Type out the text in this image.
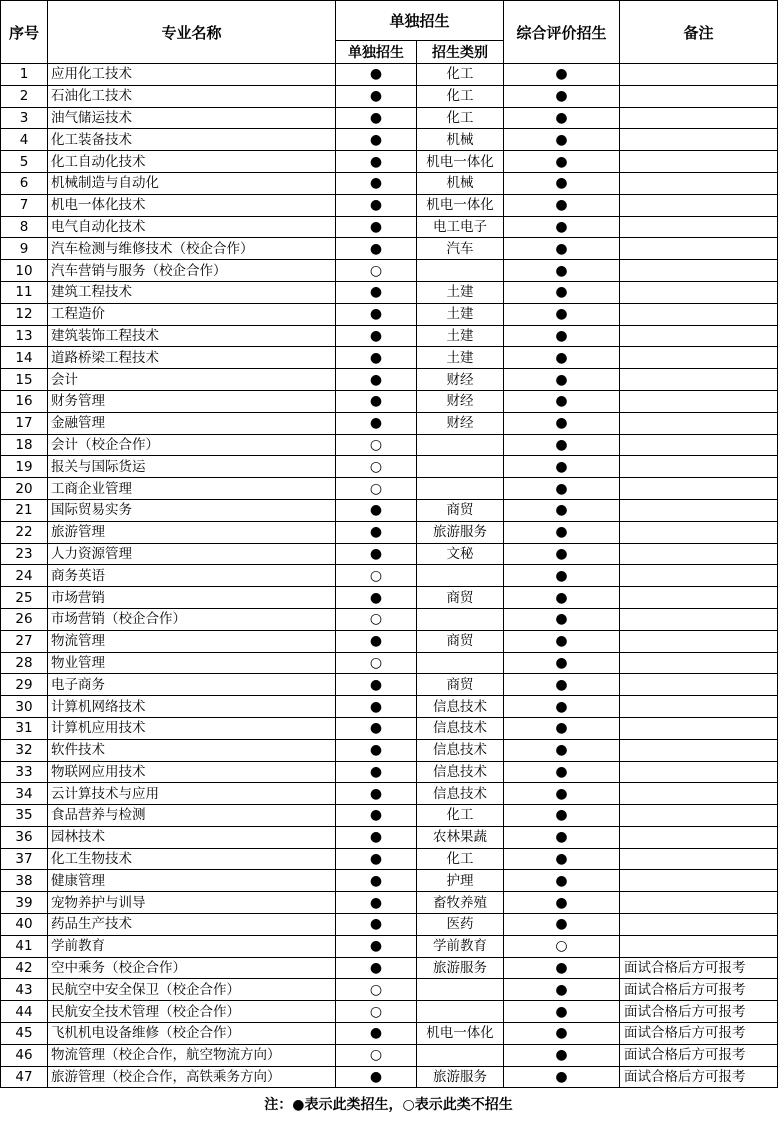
序号	专业名称	单独招生		综合评价招生	备注
		单独招生	招生类别		
1	应用化工技术	●	化工	●	
2	石油化工技术	●	化工	●	
3	油气储运技术	●	化工	●	
4	化工装备技术	●	机械	●	
5	化工自动化技术	●	机电一体化	●	
6	机械制造与自动化	●	机械	●	
7	机电一体化技术	●	机电一体化	●	
8	电气自动化技术	●	电工电子	●	
9	汽车检测与维修技术（校企合作）	●	汽车	●	
10	汽车营销与服务（校企合作）	○		●	
11	建筑工程技术	●	土建	●	
12	工程造价	●	土建	●	
13	建筑装饰工程技术	●	土建	●	
14	道路桥梁工程技术	●	土建	●	
15	会计	●	财经	●	
16	财务管理	●	财经	●	
17	金融管理	●	财经	●	
18	会计（校企合作）	○		●	
19	报关与国际货运	○		●	
20	工商企业管理	○		●	
21	国际贸易实务	●	商贸	●	
22	旅游管理	●	旅游服务	●	
23	人力资源管理	●	文秘	●	
24	商务英语	○		●	
25	市场营销	●	商贸	●	
26	市场营销（校企合作）	○		●	
27	物流管理	●	商贸	●	
28	物业管理	○		●	
29	电子商务	●	商贸	●	
30	计算机网络技术	●	信息技术	●	
31	计算机应用技术	●	信息技术	●	
32	软件技术	●	信息技术	●	
33	物联网应用技术	●	信息技术	●	
34	云计算技术与应用	●	信息技术	●	
35	食品营养与检测	●	化工	●	
36	园林技术	●	农林果蔬	●	
37	化工生物技术	●	化工	●	
38	健康管理	●	护理	●	
39	宠物养护与训导	●	畜牧养殖	●	
40	药品生产技术	●	医药	●	
41	学前教育	●	学前教育	○	
42	空中乘务（校企合作）	●	旅游服务	●	面试合格后方可报考
43	民航空中安全保卫（校企合作）	○		●	面试合格后方可报考
44	民航安全技术管理（校企合作）	○		●	面试合格后方可报考
45	飞机机电设备维修（校企合作）	●	机电一体化	●	面试合格后方可报考
46	物流管理（校企合作，航空物流方向）	○		●	面试合格后方可报考
47	旅游管理（校企合作，高铁乘务方向）	●	旅游服务	●	面试合格后方可报考
注：●表示此类招生，○表示此类不招生
